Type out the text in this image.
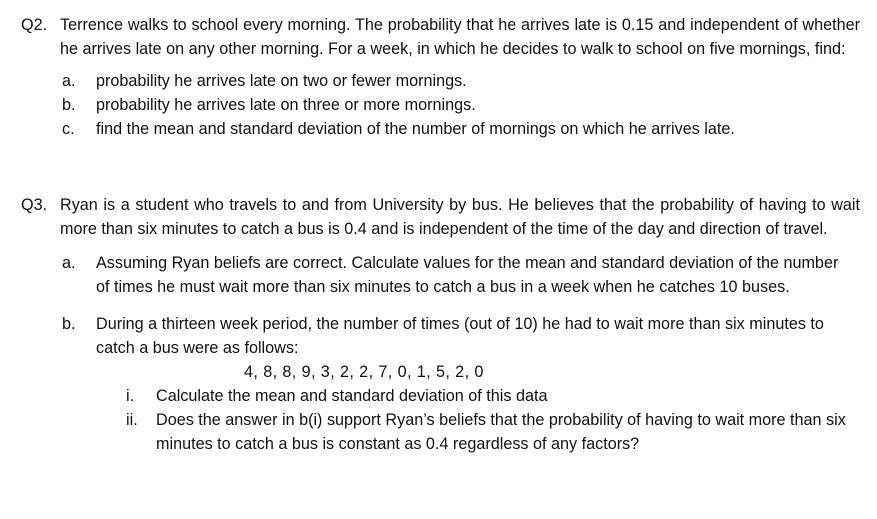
Q2. Terrence walks to school every morning. The probability that he arrives late is 0.15 and independent of whether he arrives late on any other morning. For a week, in which he decides to walk to school on five mornings, find:
a.	probability he arrives late on two or fewer mornings.
b.	probability he arrives late on three or more mornings.
c.	find the mean and standard deviation of the number of mornings on which he arrives late.
Q3. Ryan is a student who travels to and from University by bus. He believes that the probability of having to wait more than six minutes to catch a bus is 0.4 and is independent of the time of the day and direction of travel.
a.	Assuming Ryan beliefs are correct. Calculate values for the mean and standard deviation of the number of times he must wait more than six minutes to catch a bus in a week when he catches 10 buses.
b.	During a thirteen week period, the number of times (out of 10) he had to wait more than six minutes to catch a bus were as follows:
4, 8, 8, 9, 3, 2, 2, 7, 0, 1, 5, 2, 0
i.	Calculate the mean and standard deviation of this data
ii.	Does the answer in b(i) support Ryan’s beliefs that the probability of having to wait more than six minutes to catch a bus is constant as 0.4 regardless of any factors?
